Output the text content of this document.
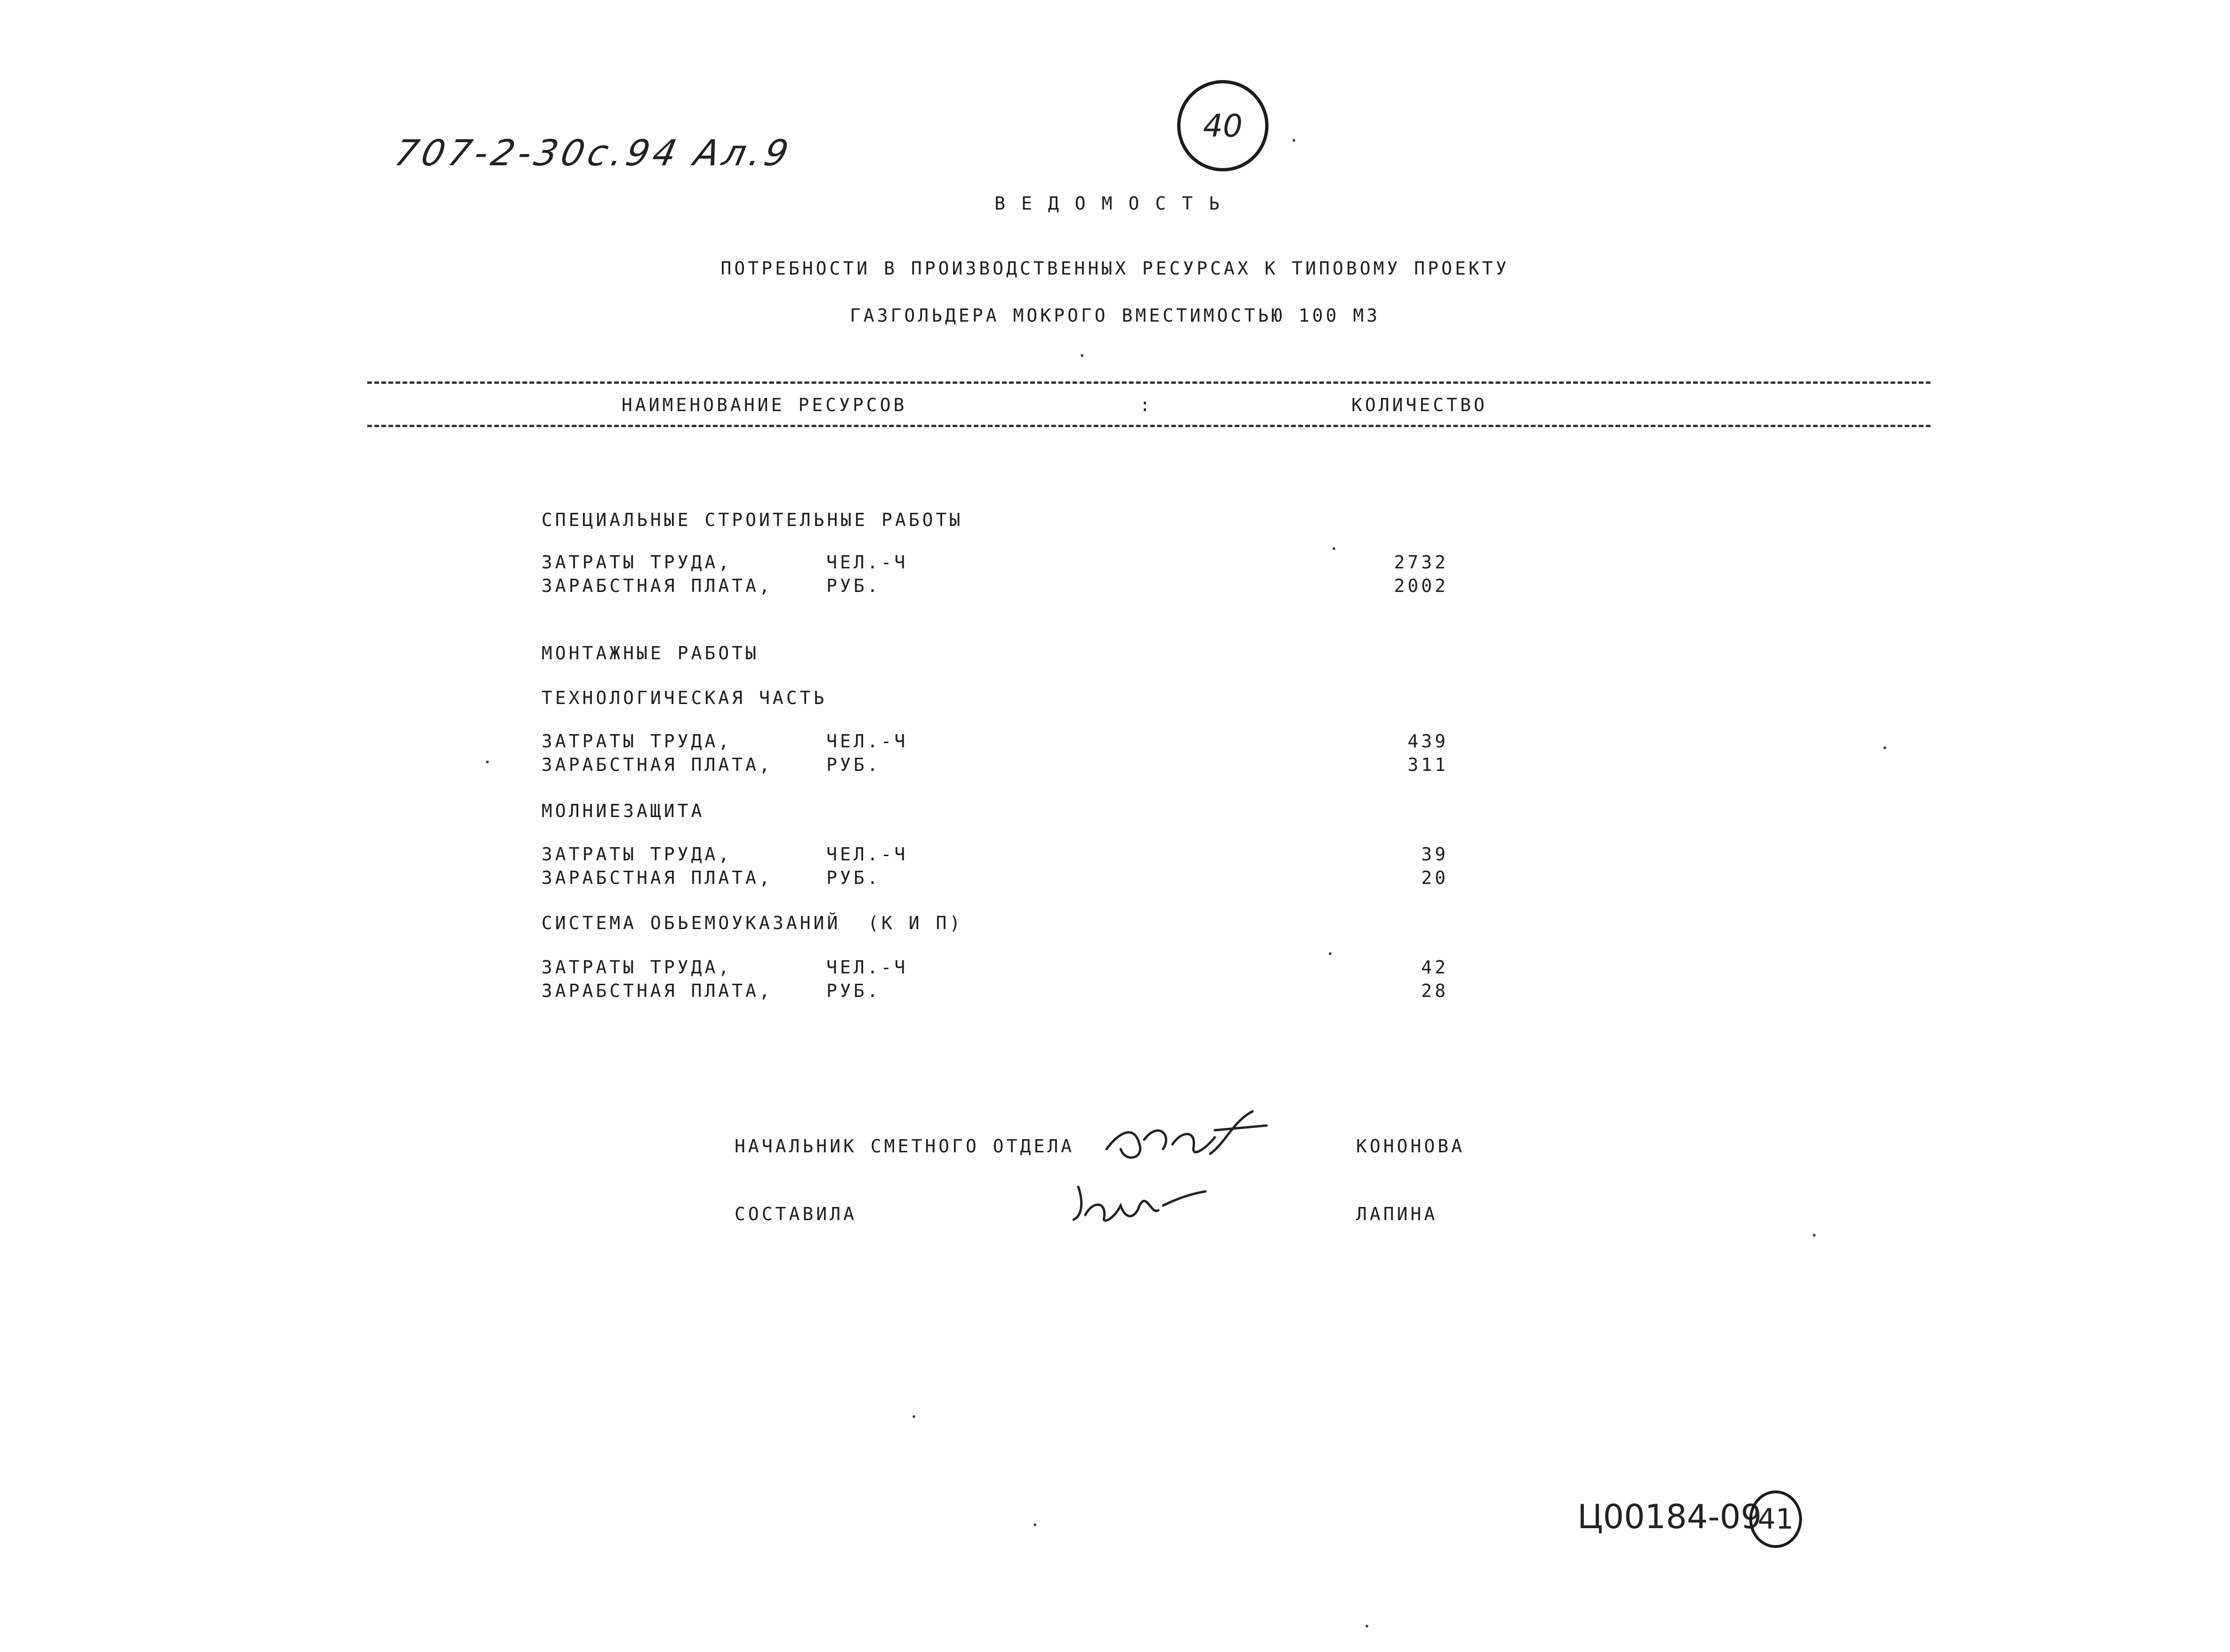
707-2-30с.94 Ал.9
40
ВЕДОМОСТЬ
ПОТРЕБНОСТИ В ПРОИЗВОДСТВЕННЫХ РЕСУРСАХ К ТИПОВОМУ ПРОЕКТУ
ГАЗГОЛЬДЕРА МОКРОГО ВМЕСТИМОСТЬЮ 100 М3
НАИМЕНОВАНИЕ РЕСУРСОВ	:	КОЛИЧЕСТВО
СПЕЦИАЛЬНЫЕ СТРОИТЕЛЬНЫЕ РАБОТЫ
ЗАТРАТЫ ТРУДА,	ЧЕЛ.-Ч	2732
ЗАРАБСТНАЯ ПЛАТА,	РУБ.	2002
МОНТАЖНЫЕ РАБОТЫ
ТЕХНОЛОГИЧЕСКАЯ ЧАСТЬ
ЗАТРАТЫ ТРУДА,	ЧЕЛ.-Ч	439
ЗАРАБСТНАЯ ПЛАТА,	РУБ.	311
МОЛНИЕЗАЩИТА
ЗАТРАТЫ ТРУДА,	ЧЕЛ.-Ч	39
ЗАРАБСТНАЯ ПЛАТА,	РУБ.	20
СИСТЕМА ОБЬЕМОУКАЗАНИЙ  (К И П)
ЗАТРАТЫ ТРУДА,	ЧЕЛ.-Ч	42
ЗАРАБСТНАЯ ПЛАТА,	РУБ.	28
НАЧАЛЬНИК СМЕТНОГО ОТДЕЛА	КОНОНОВА
СОСТАВИЛА	ЛАПИНА
Ц00184-09
41
